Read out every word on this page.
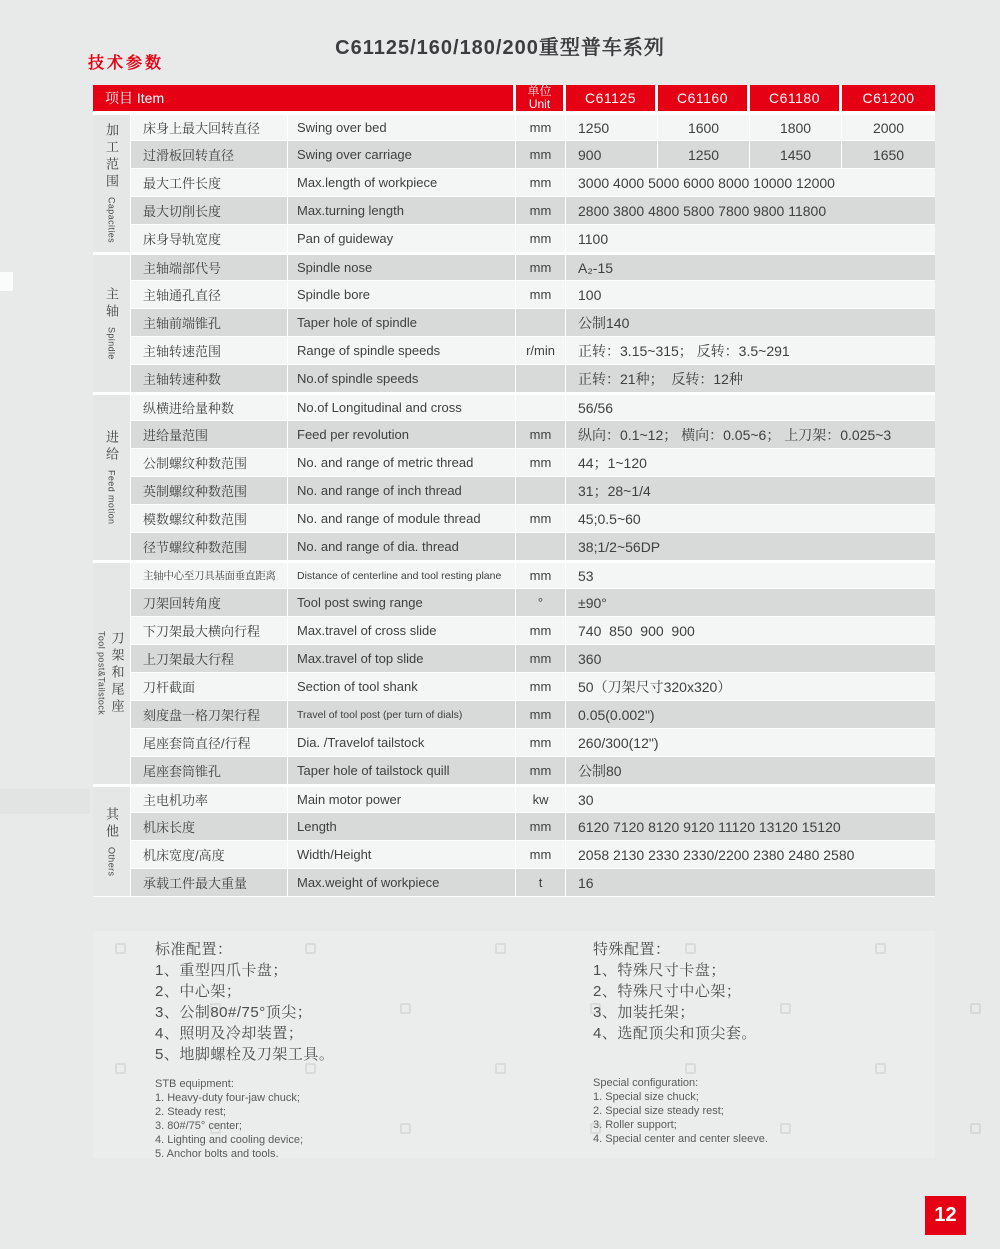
技术参数
C61125/160/180/200重型普车系列
项目 Item			单位
Unit	C61125	C61160	C61180	C61200

加工范围
Capacities	床身上最大回转直径	Swing over bed	mm	1250	1600	1800	2000
	过滑板回转直径	Swing over carriage	mm	900	1250	1450	1650
	最大工件长度	Max.length of workpiece	mm	3000 4000 5000 6000 8000 10000 12000			
	最大切削长度	Max.turning length	mm	2800 3800 4800 5800 7800 9800 11800			
	床身导轨宽度	Pan of guideway	mm	1100			

主轴
Spindle	主轴端部代号	Spindle nose	mm	A₂-15			
	主轴通孔直径	Spindle bore	mm	100			
	主轴前端锥孔	Taper hole of spindle		公制140			
	主轴转速范围	Range of spindle speeds	r/min	正转：3.15~315； 反转：3.5~291			
	主轴转速种数	No.of spindle speeds		正转：21种；  反转：12种			

进给
Feed motion	纵横进给量种数	No.of Longitudinal and cross		56/56			
	进给量范围	Feed per revolution	mm	纵向：0.1~12； 横向：0.05~6； 上刀架：0.025~3			
	公制螺纹种数范围	No. and range of metric thread	mm	44；1~120			
	英制螺纹种数范围	No. and range of inch thread		31；28~1/4			
	模数螺纹种数范围	No. and range of module thread	mm	45;0.5~60			
	径节螺纹种数范围	No. and range of dia. thread		38;1/2~56DP			

刀架和尾座
Tool post&Tailstock	主轴中心至刀具基面垂直距离	Distance of centerline and tool resting plane	mm	53			
	刀架回转角度	Tool post swing range	°	±90°			
	下刀架最大横向行程	Max.travel of cross slide	mm	740  850  900  900			
	上刀架最大行程	Max.travel of top slide	mm	360			
	刀杆截面	Section of tool shank	mm	50（刀架尺寸320x320）			
	刻度盘一格刀架行程	Travel of tool post (per turn of dials)	mm	0.05(0.002")			
	尾座套筒直径/行程	Dia. /Travelof tailstock	mm	260/300(12")			
	尾座套筒锥孔	Taper hole of tailstock quill	mm	公制80			

其他
Others	主电机功率	Main motor power	kw	30			
	机床长度	Length	mm	6120 7120 8120 9120 11120 13120 15120			
	机床宽度/高度	Width/Height	mm	2058 2130 2330 2330/2200 2380 2480 2580			
	承载工件最大重量	Max.weight of workpiece	t	16			
标准配置：
1、重型四爪卡盘；
2、中心架；
3、公制80#/75°顶尖；
4、照明及冷却装置；
5、地脚螺栓及刀架工具。
STB equipment:
1. Heavy-duty four-jaw chuck;
2. Steady rest;
3. 80#/75° center;
4. Lighting and cooling device;
5. Anchor bolts and tools.
特殊配置：
1、特殊尺寸卡盘；
2、特殊尺寸中心架；
3、加装托架；
4、选配顶尖和顶尖套。
Special configuration:
1. Special size chuck;
2. Special size steady rest;
3. Roller support;
4. Special center and center sleeve.
12
